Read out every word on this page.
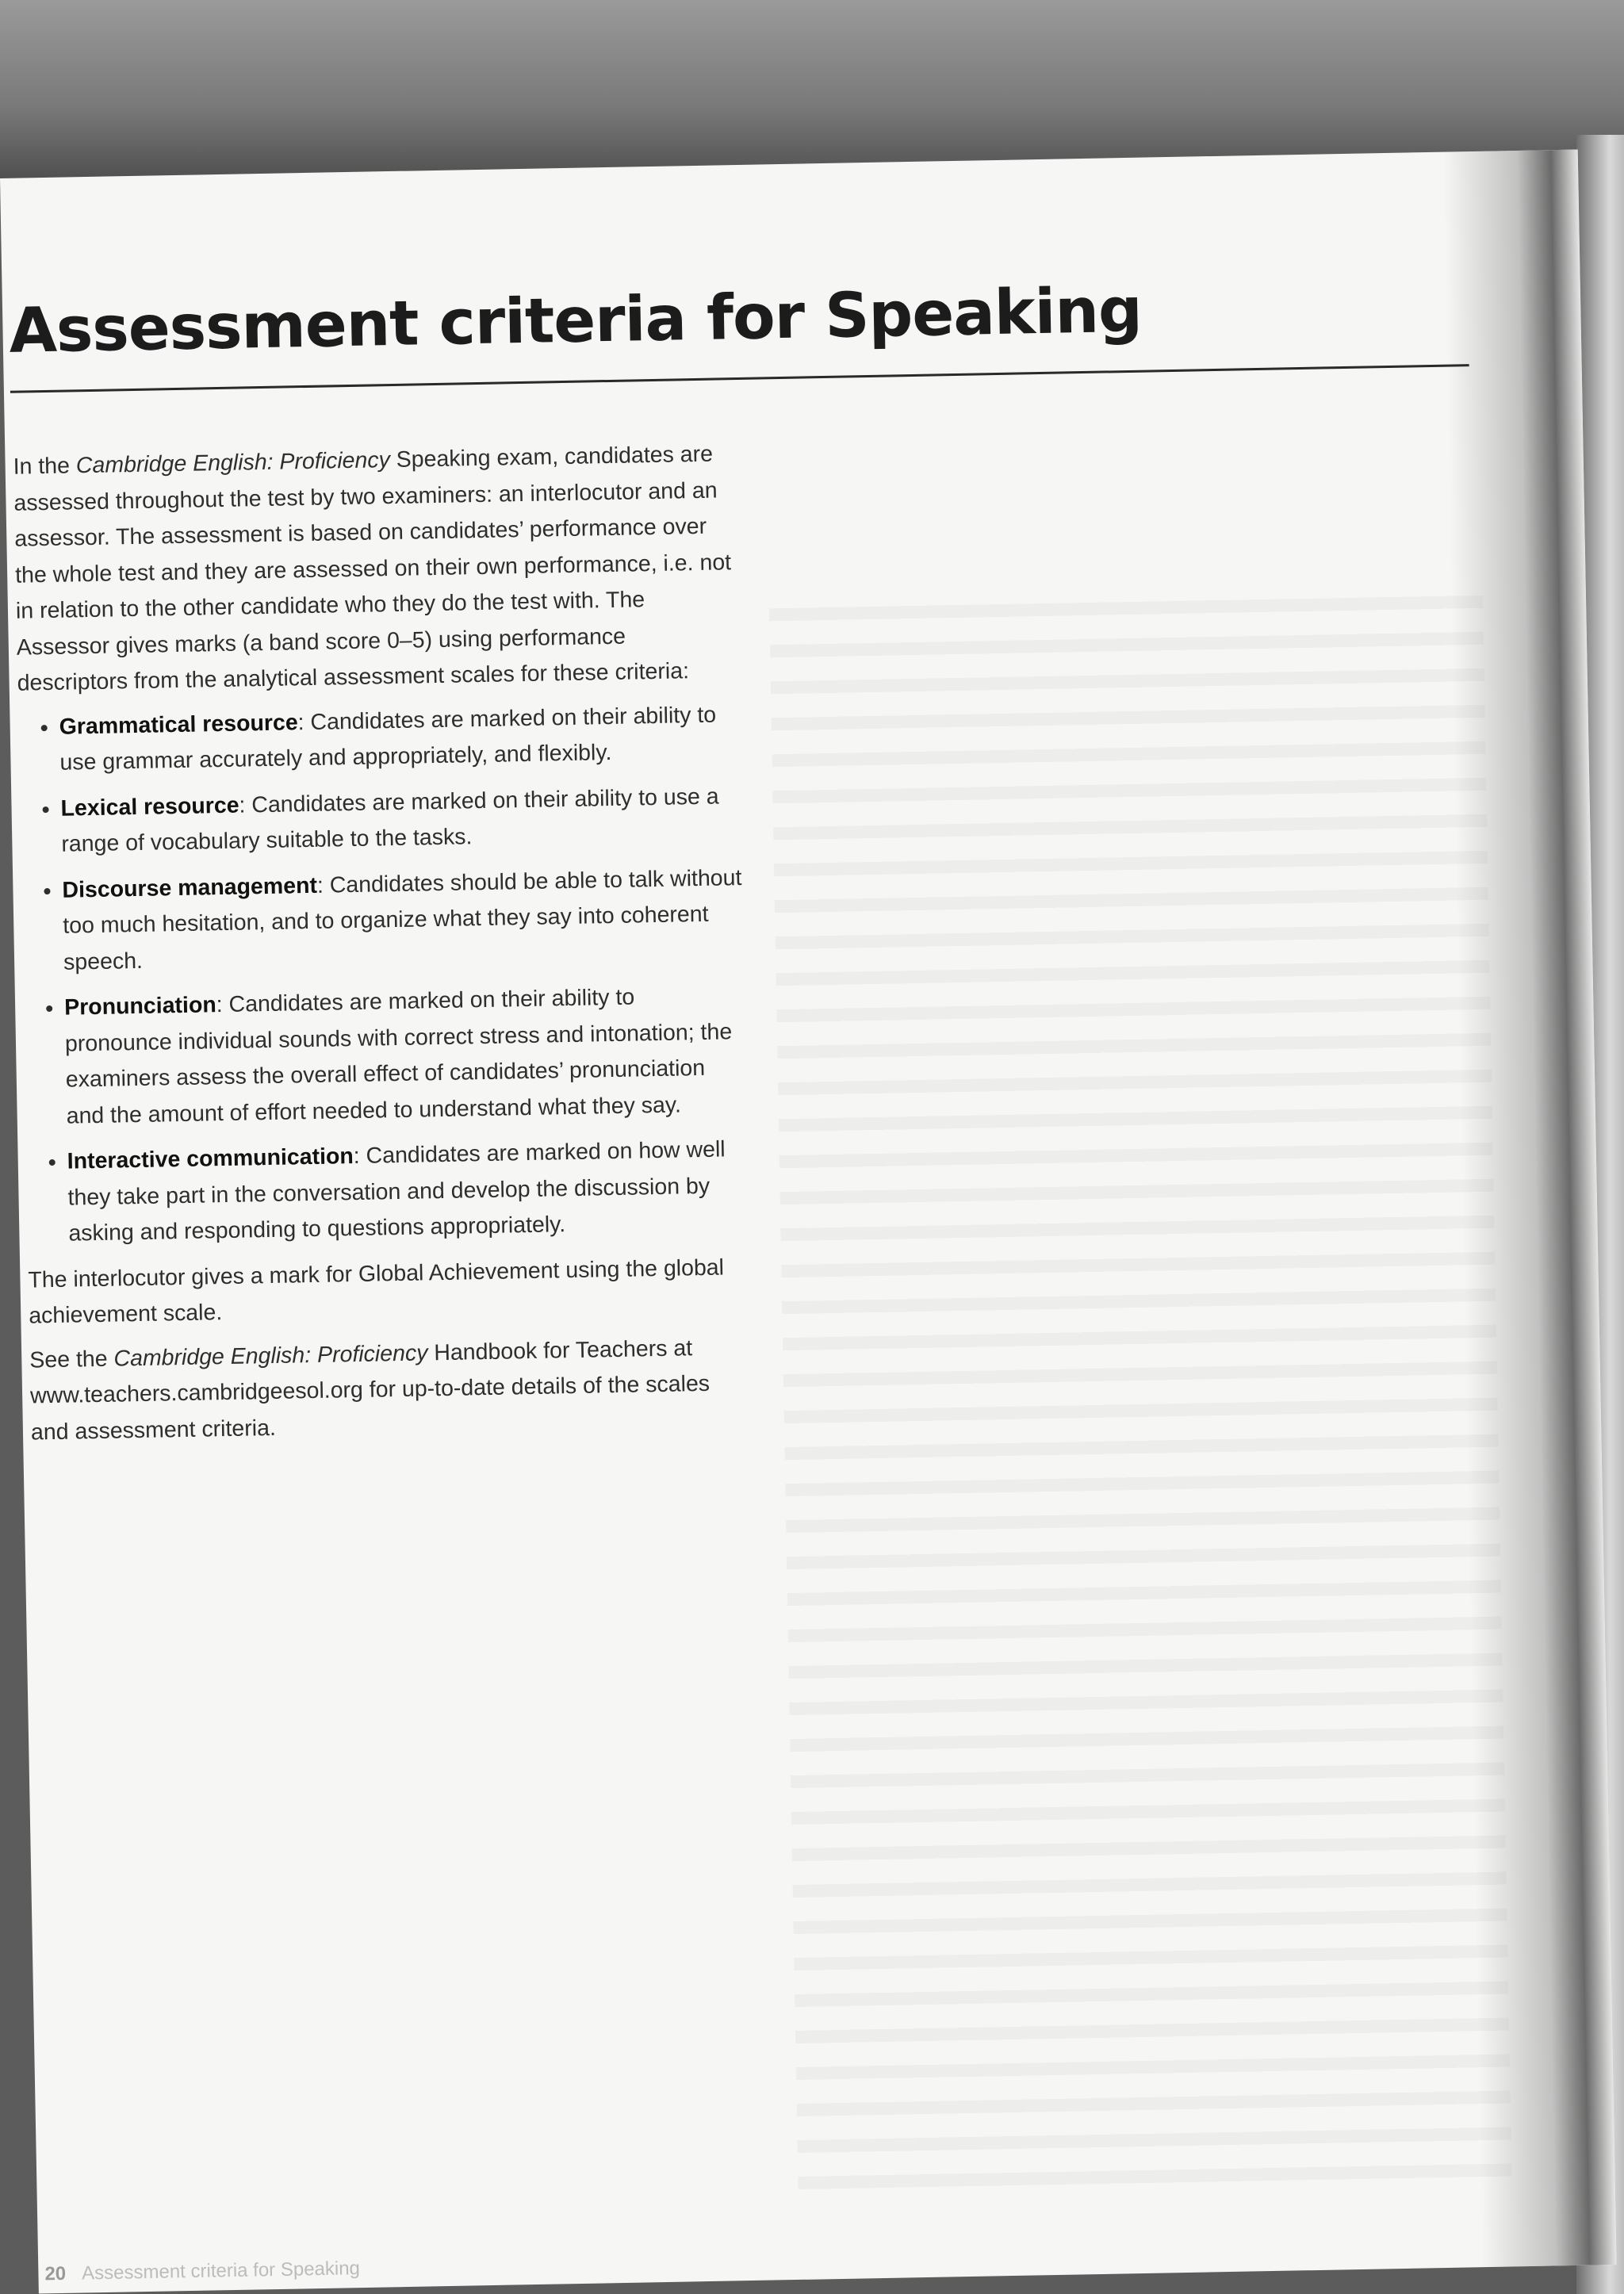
Assessment criteria for Speaking

In the Cambridge English: Proficiency Speaking exam, candidates are assessed throughout the test by two examiners: an interlocutor and an assessor. The assessment is based on candidates’ performance over the whole test and they are assessed on their own performance, i.e. not in relation to the other candidate who they do the test with. The Assessor gives marks (a band score 0–5) using performance descriptors from the analytical assessment scales for these criteria:

• Grammatical resource: Candidates are marked on their ability to use grammar accurately and appropriately, and flexibly.
• Lexical resource: Candidates are marked on their ability to use a range of vocabulary suitable to the tasks.
• Discourse management: Candidates should be able to talk without too much hesitation, and to organize what they say into coherent speech.
• Pronunciation: Candidates are marked on their ability to pronounce individual sounds with correct stress and intonation; the examiners assess the overall effect of candidates’ pronunciation and the amount of effort needed to understand what they say.
• Interactive communication: Candidates are marked on how well they take part in the conversation and develop the discussion by asking and responding to questions appropriately.

The interlocutor gives a mark for Global Achievement using the global achievement scale.

See the Cambridge English: Proficiency Handbook for Teachers at www.teachers.cambridgeesol.org for up-to-date details of the scales and assessment criteria.

20 Assessment criteria for Speaking
